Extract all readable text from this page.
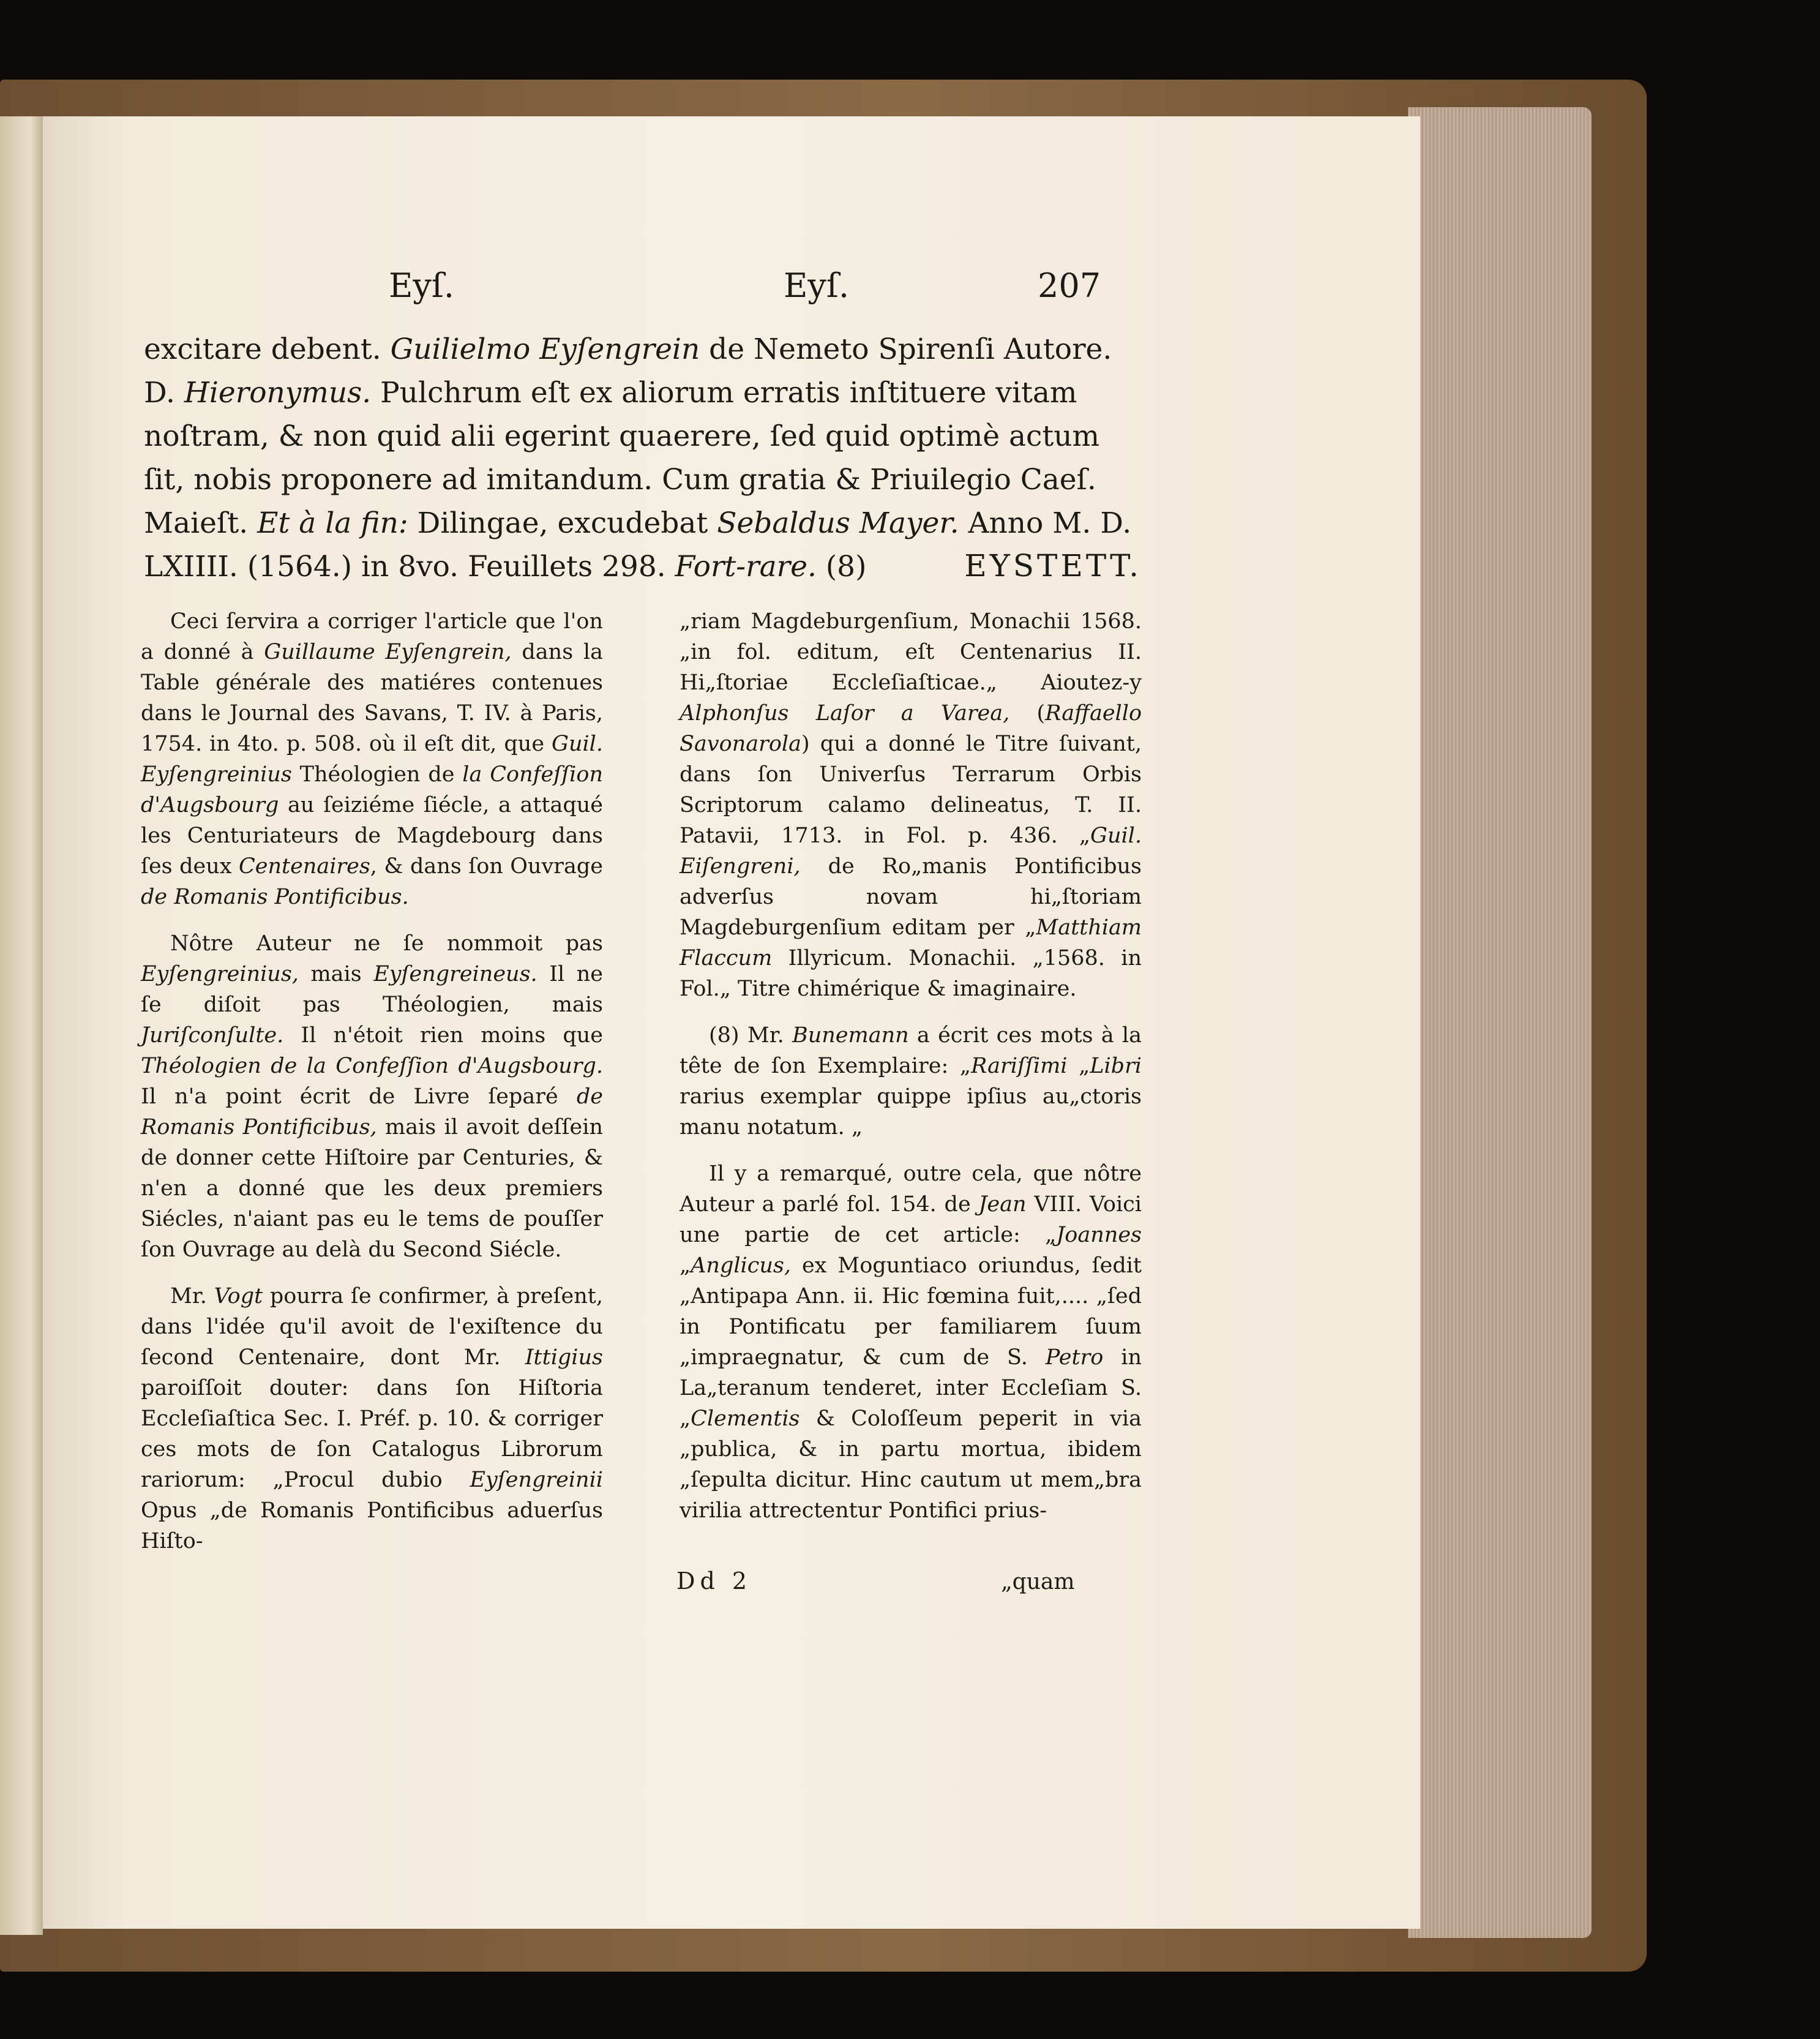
Eyſ.	Eyſ.	207

excitare debent. Guilielmo Eyſengrein de Nemeto Spirenſi Autore. D. Hieronymus. Pulchrum eſt ex aliorum erratis inſtituere vitam noſtram, & non quid alii egerint quaerere, ſed quid optimè actum ſit, nobis proponere ad imitandum. Cum gratia & Priuilegio Caeſ. Maieſt. Et à la fin: Dilingae, excudebat Sebaldus Mayer. Anno M. D. LXIIII. (1564.) in 8vo. Feuillets 298. Fort-rare. (8)	EYSTETT.

Ceci ſervira a corriger l'article que l'on a donné à Guillaume Eyſengrein, dans la Table générale des matiéres contenues dans le Journal des Savans, T. IV. à Paris, 1754. in 4to. p. 508. où il eſt dit, que Guil. Eyſengreinius Théologien de la Confeſſion d'Augsbourg au ſeiziéme ſiécle, a attaqué les Centuriateurs de Magdebourg dans ſes deux Centenaires, & dans ſon Ouvrage de Romanis Pontificibus.

Nôtre Auteur ne ſe nommoit pas Eyſengreinius, mais Eyſengreineus. Il ne ſe diſoit pas Théologien, mais Juriſconſulte. Il n'étoit rien moins que Théologien de la Confeſſion d'Augsbourg. Il n'a point écrit de Livre ſeparé de Romanis Pontificibus, mais il avoit deſſein de donner cette Hiſtoire par Centuries, & n'en a donné que les deux premiers Siécles, n'aiant pas eu le tems de pouſſer ſon Ouvrage au delà du Second Siécle.

Mr. Vogt pourra ſe confirmer, à preſent, dans l'idée qu'il avoit de l'exiſtence du ſecond Centenaire, dont Mr. Ittigius paroiſſoit douter: dans ſon Hiſtoria Eccleſiaſtica Sec. I. Préf. p. 10. & corriger ces mots de ſon Catalogus Librorum rariorum: „Procul dubio Eyſengreinii Opus „de Romanis Pontificibus aduerſus Hiſto-

„riam Magdeburgenſium, Monachii 1568. „in fol. editum, eſt Centenarius II. Hi„ſtoriae Eccleſiaſticae.„ Aioutez-y Alphonſus Laſor a Varea, (Raffaello Savonarola) qui a donné le Titre ſuivant, dans ſon Univerſus Terrarum Orbis Scriptorum calamo delineatus, T. II. Patavii, 1713. in Fol. p. 436. „Guil. Eiſengreni, de Ro„manis Pontificibus adverſus novam hi„ſtoriam Magdeburgenſium editam per „Matthiam Flaccum Illyricum. Monachii. „1568. in Fol.„ Titre chimérique & imaginaire.

(8) Mr. Bunemann a écrit ces mots à la tête de ſon Exemplaire: „Rariſſimi „Libri rarius exemplar quippe ipſius au„ctoris manu notatum. „

Il y a remarqué, outre cela, que nôtre Auteur a parlé fol. 154. de Jean VIII. Voici une partie de cet article: „Joannes „Anglicus, ex Moguntiaco oriundus, ſedit „Antipapa Ann. ii. Hic fœmina fuit,.... „ſed in Pontificatu per familiarem ſuum „impraegnatur, & cum de S. Petro in La„teranum tenderet, inter Eccleſiam S. „Clementis & Coloſſeum peperit in via „publica, & in partu mortua, ibidem „ſepulta dicitur. Hinc cautum ut mem„bra virilia attrectentur Pontifici prius-

Dd 2	„quam
